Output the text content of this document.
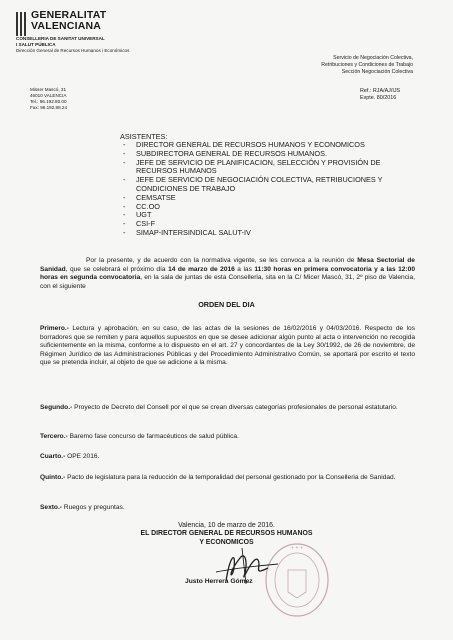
GENERALITAT
VALENCIANA
CONSELLERIA DE SANITAT UNIVERSAL
I SALUT PÚBLICA
Dirección General de Recursos Humanos i Económicos
Misser Mascó, 31
46010 VALENCIA
Tel.: 96.192.80.00
Fax: 96.192.88.24
Servicio de Negociación Colectiva,
Retribuciones y Condiciones de Trabajo
Sección Negociación Colectiva
Ref.: RJA/AJ/IJS
Expte. 80/2016
ASISTENTES:
- DIRECTOR GENERAL DE RECURSOS HUMANOS Y ECONOMICOS
- SUBDIRECTORA GENERAL DE RECURSOS HUMANOS.
- JEFE DE SERVICIO DE PLANIFICACION, SELECCIÓN Y PROVISIÓN DE RECURSOS HUMANOS
- JEFE DE SERVICIO DE NEGOCIACIÓN COLECTIVA, RETRIBUCIONES Y CONDICIONES DE TRABAJO
- CEMSATSE
- CC.OO
- UGT
- CSI-F
- SIMAP-INTERSINDICAL SALUT-IV
Por la presente, y de acuerdo con la normativa vigente, se les convoca a la reunión de Mesa Sectorial de Sanidad, que se celebrará el próximo día 14 de marzo de 2016 a las 11:30 horas en primera convocatoria y a las 12:00 horas en segunda convocatoria, en la sala de juntas de esta Conselleria, sita en la C/ Micer Mascó, 31, 2º piso de Valencia, con el siguiente
ORDEN DEL DIA
Primero.- Lectura y aprobación, en su caso, de las actas de la sesiones de 16/02/2016 y 04/03/2016. Respecto de los borradores que se remiten y para aquellos supuestos en que se desee adicionar algún punto al acta o intervención no recogida suficientemente en la misma, conforme a lo dispuesto en el art. 27 y concordantes de la Ley 30/1992, de 26 de noviembre, de Régimen Jurídico de las Administraciones Públicas y del Procedimiento Administrativo Común, se aportará por escrito el texto que se pretenda incluir, al objeto de que se adicione a la misma.
Segundo.- Proyecto de Decreto del Consell por el que se crean diversas categorías profesionales de personal estatutario.
Tercero.- Baremo fase concurso de farmacéuticos de salud pública.
Cuarto.- OPE 2016.
Quinto.- Pacto de legislatura para la reducción de la temporalidad del personal gestionado por la Conselleria de Sanidad.
Sexto.- Ruegos y preguntas.
Valencia, 10 de marzo de 2016.
EL DIRECTOR GENERAL DE RECURSOS HUMANOS
Y ECONOMICOS
✦ ✦ ✦
Justo Herrera Gómez
